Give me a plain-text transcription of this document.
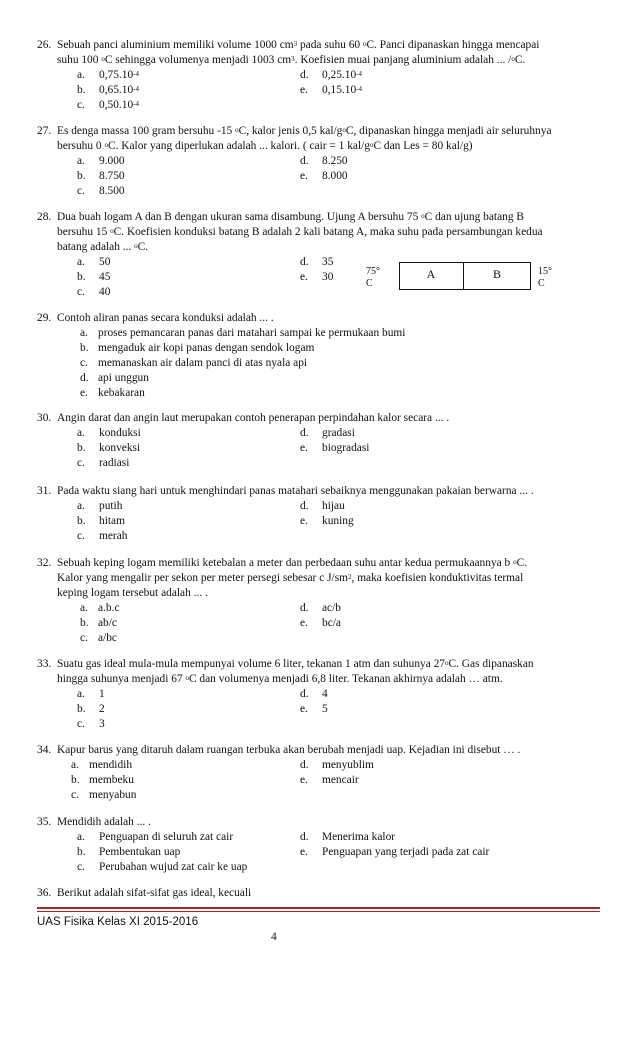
26. Sebuah panci aluminium memiliki volume 1000 $cm^3$ pada suhu 60 $^o$C. Panci dipanaskan hingga mencapai
suhu 100 $^o$C sehingga volumenya menjadi 1003 $cm^3$. Koefisien muai panjang aluminium adalah ... /$^o$C.
a. $0,75.10^{-4}$	d. $0,25.10^{-4}$
b. $0,65.10^{-4}$	e. $0,15.10^{-4}$
c. $0,50.10^{-4}$
27. Es denga massa 100 gram bersuhu -15 $^o$C, kalor jenis 0,5 kal/$g^oC$, dipanaskan hingga menjadi air seluruhnya
bersuhu 0 $^o$C. Kalor yang diperlukan adalah ... kalori. ( cair = 1 kal/$g^oC$ dan Les = 80 kal/g)
a. 9.000	d. 8.250
b. 8.750	e. 8.000
c. 8.500
28. Dua buah logam A dan B dengan ukuran sama disambung. Ujung A bersuhu 75 $^o$C dan ujung batang B
bersuhu 15 $^o$C. Koefisien konduksi batang B adalah 2 kali batang A, maka suhu pada persambungan kedua
batang adalah ... $^o$C.
a. 50	d. 35
b. 45	e. 30
c. 40
75°
C
A	B	15°
C
29. Contoh aliran panas secara konduksi adalah ... .
a. proses pemancaran panas dari matahari sampai ke permukaan bumi
b. mengaduk air kopi panas dengan sendok logam
c. memanaskan air dalam panci di atas nyala api
d. api unggun
e. kebakaran
30. Angin darat dan angin laut merupakan contoh penerapan perpindahan kalor secara ... .
a. konduksi	d. gradasi
b. konveksi	e. biogradasi
c. radiasi
31. Pada waktu siang hari untuk menghindari panas matahari sebaiknya menggunakan pakaian berwarna ... .
a. putih	d. hijau
b. hitam	e. kuning
c. merah
32. Sebuah keping logam memiliki ketebalan a meter dan perbedaan suhu antar kedua permukaannya b $^o$C.
Kalor yang mengalir per sekon per meter persegi sebesar c $J/sm^2$, maka koefisien konduktivitas termal
keping logam tersebut adalah ... .
a. a.b.c	d. ac/b
b. ab/c	e. bc/a
c. a/bc
33. Suatu gas ideal mula-mula mempunyai volume 6 liter, tekanan 1 atm dan suhunya 27$^o$C. Gas dipanaskan
hingga suhunya menjadi 67 $^o$C dan volumenya menjadi 6,8 liter. Tekanan akhirnya adalah … atm.
a. 1	d. 4
b. 2	e. 5
c. 3
34. Kapur barus yang ditaruh dalam ruangan terbuka akan berubah menjadi uap. Kejadian ini disebut … .
a. mendidih	d. menyublim
b. membeku	e. mencair
c. menyabun
35. Mendidih adalah ... .
a. Penguapan di seluruh zat cair	d. Menerima kalor
b. Pembentukan uap	e. Penguapan yang terjadi pada zat cair
c. Perubahan wujud zat cair ke uap
36. Berikut adalah sifat-sifat gas ideal, kecuali
UAS Fisika Kelas XI 2015-2016
4
